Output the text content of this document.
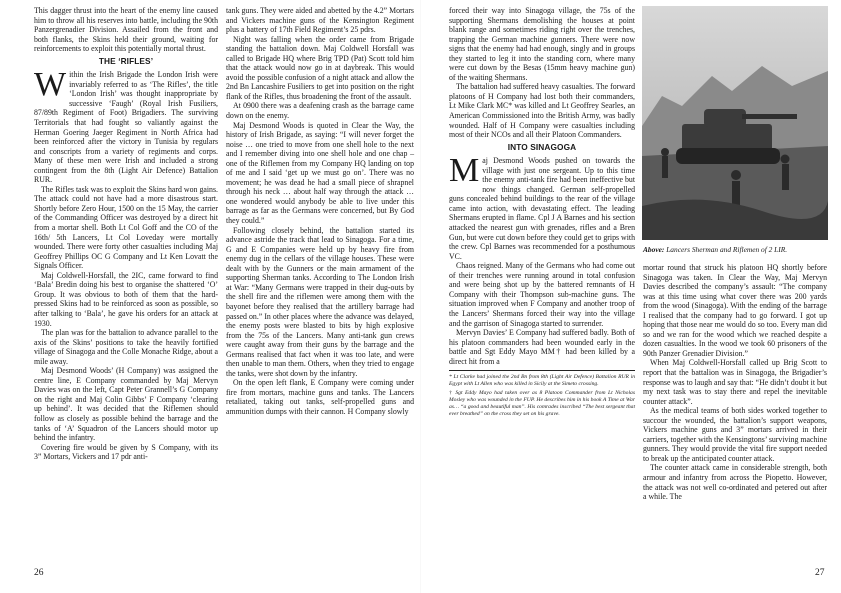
This dagger thrust into the heart of the enemy line caused him to throw all his reserves into battle, including the 90th Panzergrenadier Division. Assailed from the front and both flanks, the Skins held their ground, waiting for reinforcements to exploit this potentially mortal thrust.

THE ‘RIFLES’

Within the Irish Brigade the London Irish were invariably referred to as ‘The Rifles’, the title ‘London Irish’ was thought inappropriate by successive ‘Faugh’ (Royal Irish Fusiliers, 87/89th Regiment of Foot) Brigadiers. The surviving Territorials that had fought so valiantly against the Herman Goering Jaeger Regiment in North Africa had been reinforced after the victory in Tunisia by regulars and conscripts from a variety of regiments and corps. Many of these men were Irish and included a strong contingent from the 8th (Light Air Defence) Battalion RUR.

The Rifles task was to exploit the Skins hard won gains. The attack could not have had a more disastrous start. Shortly before Zero Hour, 1500 on the 15 May, the carrier of the Commanding Officer was destroyed by a direct hit from a mortar shell. Both Lt Col Goff and the CO of the 16th/ 5th Lancers, Lt Col Loveday were mortally wounded. There were forty other casualties including Maj Geoffrey Phillips OC G Company and Lt Ken Lovatt the Signals Officer.

Maj Coldwell-Horsfall, the 2IC, came forward to find ‘Bala’ Bredin doing his best to organise the shattered ‘O’ Group. It was obvious to both of them that the hard-pressed Skins had to be reinforced as soon as possible, so after talking to ‘Bala’, he gave his orders for an attack at 1930.

The plan was for the battalion to advance parallel to the axis of the Skins’ positions to take the heavily fortified village of Sinagoga and the Colle Monache Ridge, about a mile away.

Maj Desmond Woods’ (H Company) was assigned the centre line, E Company commanded by Maj Mervyn Davies was on the left, Capt Peter Grannell’s G Company on the right and Maj Colin Gibbs’ F Company ‘clearing up behind’. It was decided that the Riflemen should follow as closely as possible behind the barrage and the tanks of ‘A’ Squadron of the Lancers should motor up behind the infantry.

Covering fire would be given by S Company, with its 3” Mortars, Vickers and 17 pdr anti-

tank guns. They were aided and abetted by the 4.2” Mortars and Vickers machine guns of the Kensington Regiment plus a battery of 17th Field Regiment’s 25 pdrs.

Night was falling when the order came from Brigade standing the battalion down. Maj Coldwell Horsfall was called to Brigade HQ where Brig TPD (Pat) Scott told him that the attack would now go in at daybreak. This would avoid the possible confusion of a night attack and allow the 2nd Bn Lancashire Fusiliers to get into position on the right flank of the Rifles, thus broadening the front of the assault.

At 0900 there was a deafening crash as the barrage came down on the enemy.

Maj Desmond Woods is quoted in Clear the Way, the history of Irish Brigade, as saying: “I will never forget the noise … one tried to move from one shell hole to the next and I remember diving into one shell hole and one chap – one of the Riflemen from my Company HQ landing on top of me and I said ‘get up we must go on’. There was no movement; he was dead he had a small piece of shrapnel through his neck … about half way through the attack … one wondered would anybody be able to live under this barrage as far as the Germans were concerned, but By God they could.”

Following closely behind, the battalion started its advance astride the track that lead to Sinagoga. For a time, G and E Companies were held up by heavy fire from enemy dug in the cellars of the village houses. These were dealt with by the Gunners or the main armament of the supporting Sherman tanks. According to The London Irish at War: “Many Germans were trapped in their dug-outs by the shell fire and the riflemen were among them with the bayonet before they realised that the artillery barrage had passed on.” In other places where the advance was delayed, the enemy posts were blasted to bits by high explosive from the 75s of the Lancers. Many anti-tank gun crews were caught away from their guns by the barrage and the Germans realised that fact when it was too late, and were then unable to man them. Others, when they tried to engage the tanks, were shot down by the infantry.

On the open left flank, E Company were coming under fire from mortars, machine guns and tanks. The Lancers retaliated, taking out tanks, self-propelled guns and ammunition dumps with their cannon. H Company slowly

forced their way into Sinagoga village, the 75s of the supporting Shermans demolishing the houses at point blank range and sometimes riding right over the trenches, trapping the German machine gunners. There were now signs that the enemy had had enough, singly and in groups they started to leg it into the standing corn, where many were cut down by the Besas (15mm heavy machine gun) of the waiting Shermans.

The battalion had suffered heavy casualties. The forward platoons of H Company had lost both their commanders, Lt Mike Clark MC* was killed and Lt Geoffrey Searles, an American Commissioned into the British Army, was badly wounded. Half of H Company were casualties including most of their NCOs and all their Platoon Commanders.

INTO SINAGOGA

Maj Desmond Woods pushed on towards the village with just one sergeant. Up to this time the enemy anti-tank fire had been ineffective but now things changed. German self-propelled guns concealed behind buildings to the rear of the village came into action, with devastating effect. The leading Shermans erupted in flame. Cpl J A Barnes and his section attacked the nearest gun with grenades, rifles and a Bren Gun, but were cut down before they could get to grips with the crew. Cpl Barnes was recommended for a posthumous VC.

Chaos reigned. Many of the Germans who had come out of their trenches were running around in total confusion and were being shot up by the battered remnants of H Company with their Thompson sub-machine guns. The situation improved when F Company and another troop of the Lancers’ Shermans forced their way into the village and the garrison of Sinagoga started to surrender.

Mervyn Davies’ E Company had suffered badly. Both of his platoon commanders had been wounded early in the battle and Sgt Eddy Mayo MM† had been killed by a direct hit from a

* Lt Clarke had joined the 2nd Bn from 8th (Light Air Defence) Battalion RUR in Egypt with Lt Allen who was killed in Sicily at the Simeto crossing.

† Sgt Eddy Mayo had taken over as 8 Platoon Commander from Lt Nicholas Mosley who was wounded in the FUP. He describes him in his book A Time at War as… “a good and beautiful man”. His comrades inscribed “The best sergeant that ever breathed” on the cross they set on his grave.

Above: Lancers Sherman and Riflemen of 2 LIR.

mortar round that struck his platoon HQ shortly before Sinagoga was taken. In Clear the Way, Maj Mervyn Davies described the company’s assault: “The company was at this time using what cover there was 200 yards from the wood (Sinagoga). With the ending of the barrage I realised that the company had to go forward. I got up hoping that those near me would do so too. Every man did so and we ran for the wood which we reached despite a dozen casualties. In the wood we took 60 prisoners of the 90th Panzer Grenadier Division.”

When Maj Coldwell-Horsfall called up Brig Scott to report that the battalion was in Sinagoga, the Brigadier’s response was to laugh and say that: “He didn’t doubt it but my next task was to stay there and repel the inevitable counter attack”.

As the medical teams of both sides worked together to succour the wounded, the battalion’s support weapons, Vickers machine guns and 3” mortars arrived in their carriers, together with the Kensingtons’ surviving machine gunners. They would provide the vital fire support needed to break up the anticipated counter attack.

The counter attack came in considerable strength, both armour and infantry from across the Piopetto. However, the attack was not well co-ordinated and petered out after a while. The

26	27
